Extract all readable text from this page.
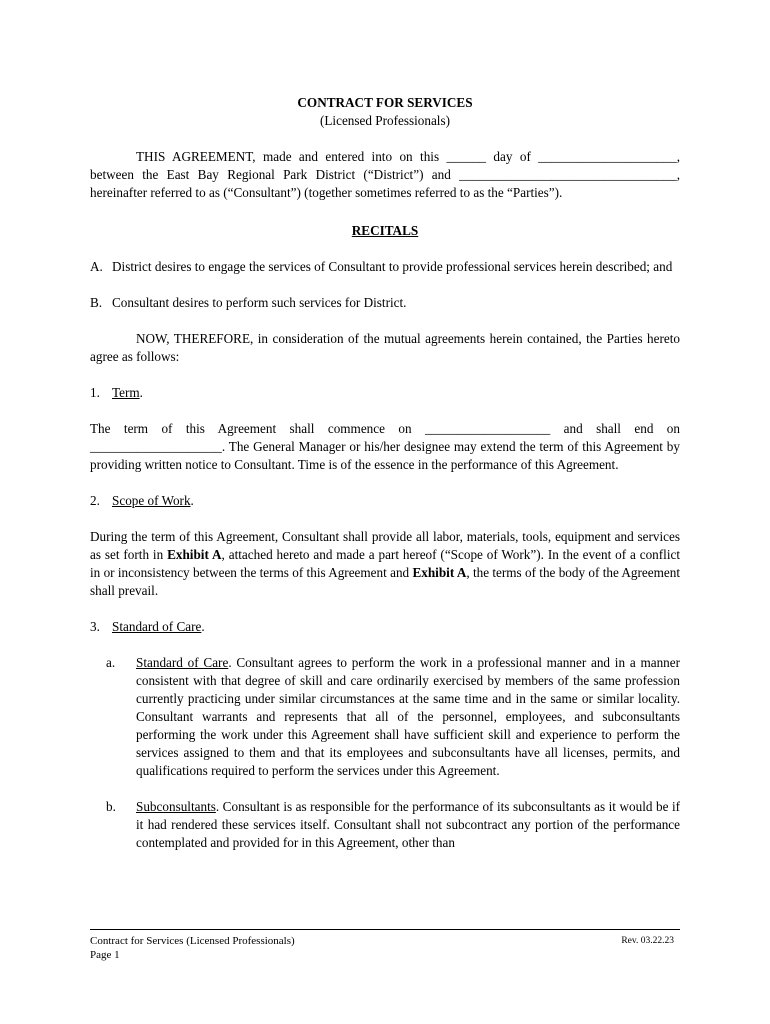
CONTRACT FOR SERVICES
(Licensed Professionals)

THIS AGREEMENT, made and entered into on this ______ day of _____________________, between the East Bay Regional Park District (“District”) and _________________________________, hereinafter referred to as (“Consultant”) (together sometimes referred to as the “Parties”).

RECITALS
A. District desires to engage the services of Consultant to provide professional services herein described; and
B. Consultant desires to perform such services for District.

NOW, THEREFORE, in consideration of the mutual agreements herein contained, the Parties hereto agree as follows:

1. Term.

The term of this Agreement shall commence on ___________________ and shall end on ____________________. The General Manager or his/her designee may extend the term of this Agreement by providing written notice to Consultant. Time is of the essence in the performance of this Agreement.

2. Scope of Work.

During the term of this Agreement, Consultant shall provide all labor, materials, tools, equipment and services as set forth in Exhibit A, attached hereto and made a part hereof (“Scope of Work”). In the event of a conflict in or inconsistency between the terms of this Agreement and Exhibit A, the terms of the body of the Agreement shall prevail.

3. Standard of Care.
a.	Standard of Care. Consultant agrees to perform the work in a professional manner and in a manner consistent with that degree of skill and care ordinarily exercised by members of the same profession currently practicing under similar circumstances at the same time and in the same or similar locality. Consultant warrants and represents that all of the personnel, employees, and subconsultants performing the work under this Agreement shall have sufficient skill and experience to perform the services assigned to them and that its employees and subconsultants have all licenses, permits, and qualifications required to perform the services under this Agreement.
b.	Subconsultants. Consultant is as responsible for the performance of its subconsultants as it would be if it had rendered these services itself. Consultant shall not subcontract any portion of the performance contemplated and provided for in this Agreement, other than
Contract for Services (Licensed Professionals)	Rev. 03.22.23
Page 1
